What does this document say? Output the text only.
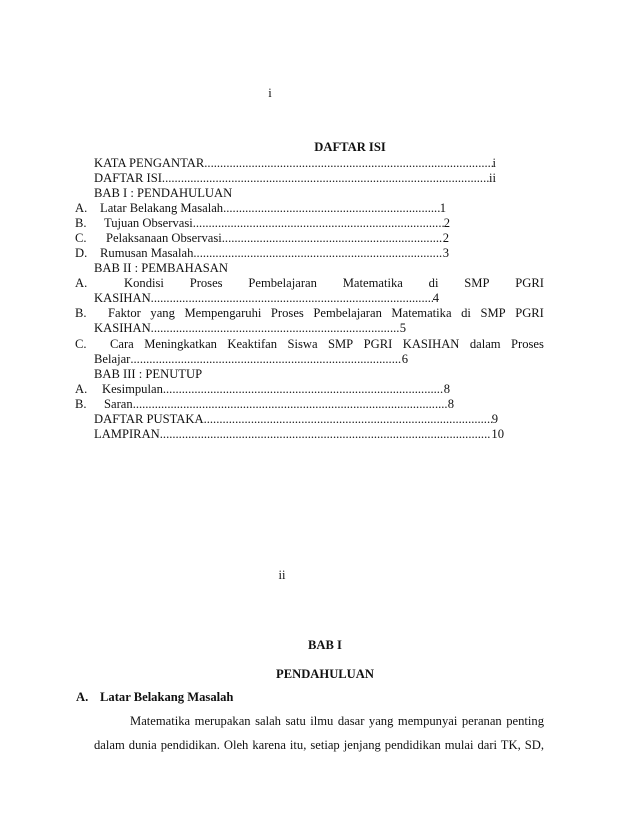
i
DAFTAR ISI
KATA PENGANTAR .....	i
DAFTAR ISI .....	ii
BAB I : PENDAHULUAN
A. Latar Belakang Masalah .....	1
B. Tujuan Observasi .....	2
C. Pelaksanaan Observasi .....	2
D. Rumusan Masalah .....	3
BAB II : PEMBAHASAN
A.	Kondisi Proses Pembelajaran Matematika di SMP PGRI
KASIHAN .....	4
B. Faktor yang Mempengaruhi Proses Pembelajaran Matematika di SMP PGRI
KASIHAN .....	5
C. Cara Meningkatkan Keaktifan Siswa SMP PGRI KASIHAN dalam Proses
Belajar .....	6
BAB III : PENUTUP
A. Kesimpulan .....	8
B. Saran .....	8
DAFTAR PUSTAKA .....	9
LAMPIRAN .....	10
ii
BAB I
PENDAHULUAN
A. Latar Belakang Masalah
Matematika merupakan salah satu ilmu dasar yang mempunyai peranan penting
dalam dunia pendidikan. Oleh karena itu, setiap jenjang pendidikan mulai dari TK, SD,
